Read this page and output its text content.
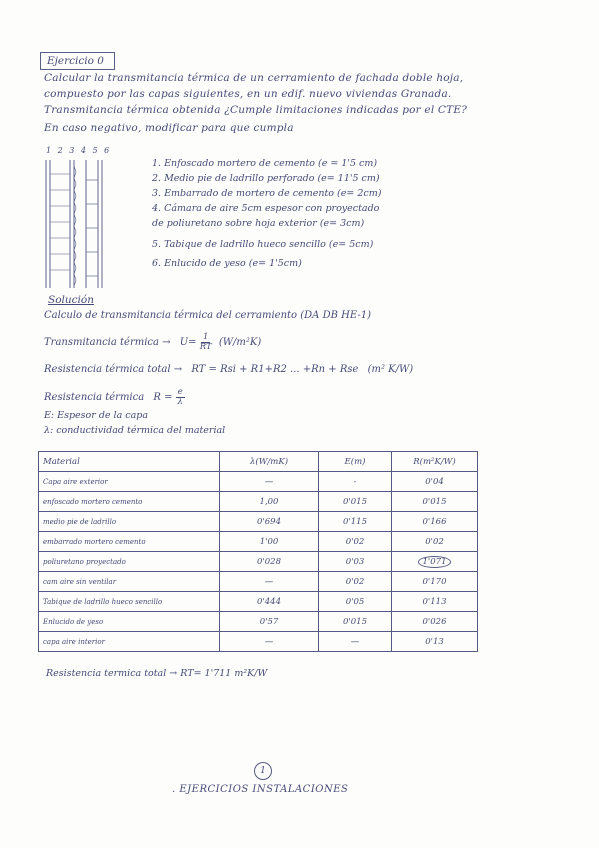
Ejercicio 0
Calcular la transmitancia térmica de un cerramiento de fachada doble hoja,
compuesto por las capas siguientes, en un edif. nuevo viviendas Granada.
Transmitancia térmica obtenida ¿Cumple limitaciones indicadas por el CTE?
En caso negativo, modificar para que cumpla
1 2 3 4 5 6
1. Enfoscado mortero de cemento (e = 1'5 cm)
2. Medio pie de ladrillo perforado (e= 11'5 cm)
3. Embarrado de mortero de cemento (e= 2cm)
4. Cámara de aire 5cm espesor con proyectado
de poliuretano sobre hoja exterior (e= 3cm)
5. Tabique de ladrillo hueco sencillo (e= 5cm)
6. Enlucido de yeso (e= 1'5cm)
Solución
Calculo de transmitancia térmica del cerramiento (DA DB HE-1)
Transmitancia térmica → $U= \frac{1}{RT} (W/m^2K)$
Resistencia térmica total → RT = Rsi + R1+R2 ... +Rn + Rse (m² K/W)
Resistencia térmica $R = \frac{e}{\lambda}$
E: Espesor de la capa
λ: conductividad térmica del material
Material	λ(W/mK)	E(m)	R(m²K/W)
Capa aire exterior	—	-	0'04
enfoscado mortero cemento	1,00	0'015	0'015
medio pie de ladrillo	0'694	0'115	0'166
embarrado mortero cemento	1'00	0'02	0'02
poliuretano proyectado	0'028	0'03	1'071
cam aire sin ventilar	—	0'02	0'170
Tabique de ladrillo hueco sencillo	0'444	0'05	0'113
Enlucido de yeso	0'57	0'015	0'026
capa aire interior	—	—	0'13
Resistencia termica total → RT= 1'711 m²K/W
1
. EJERCICIOS INSTALACIONES
